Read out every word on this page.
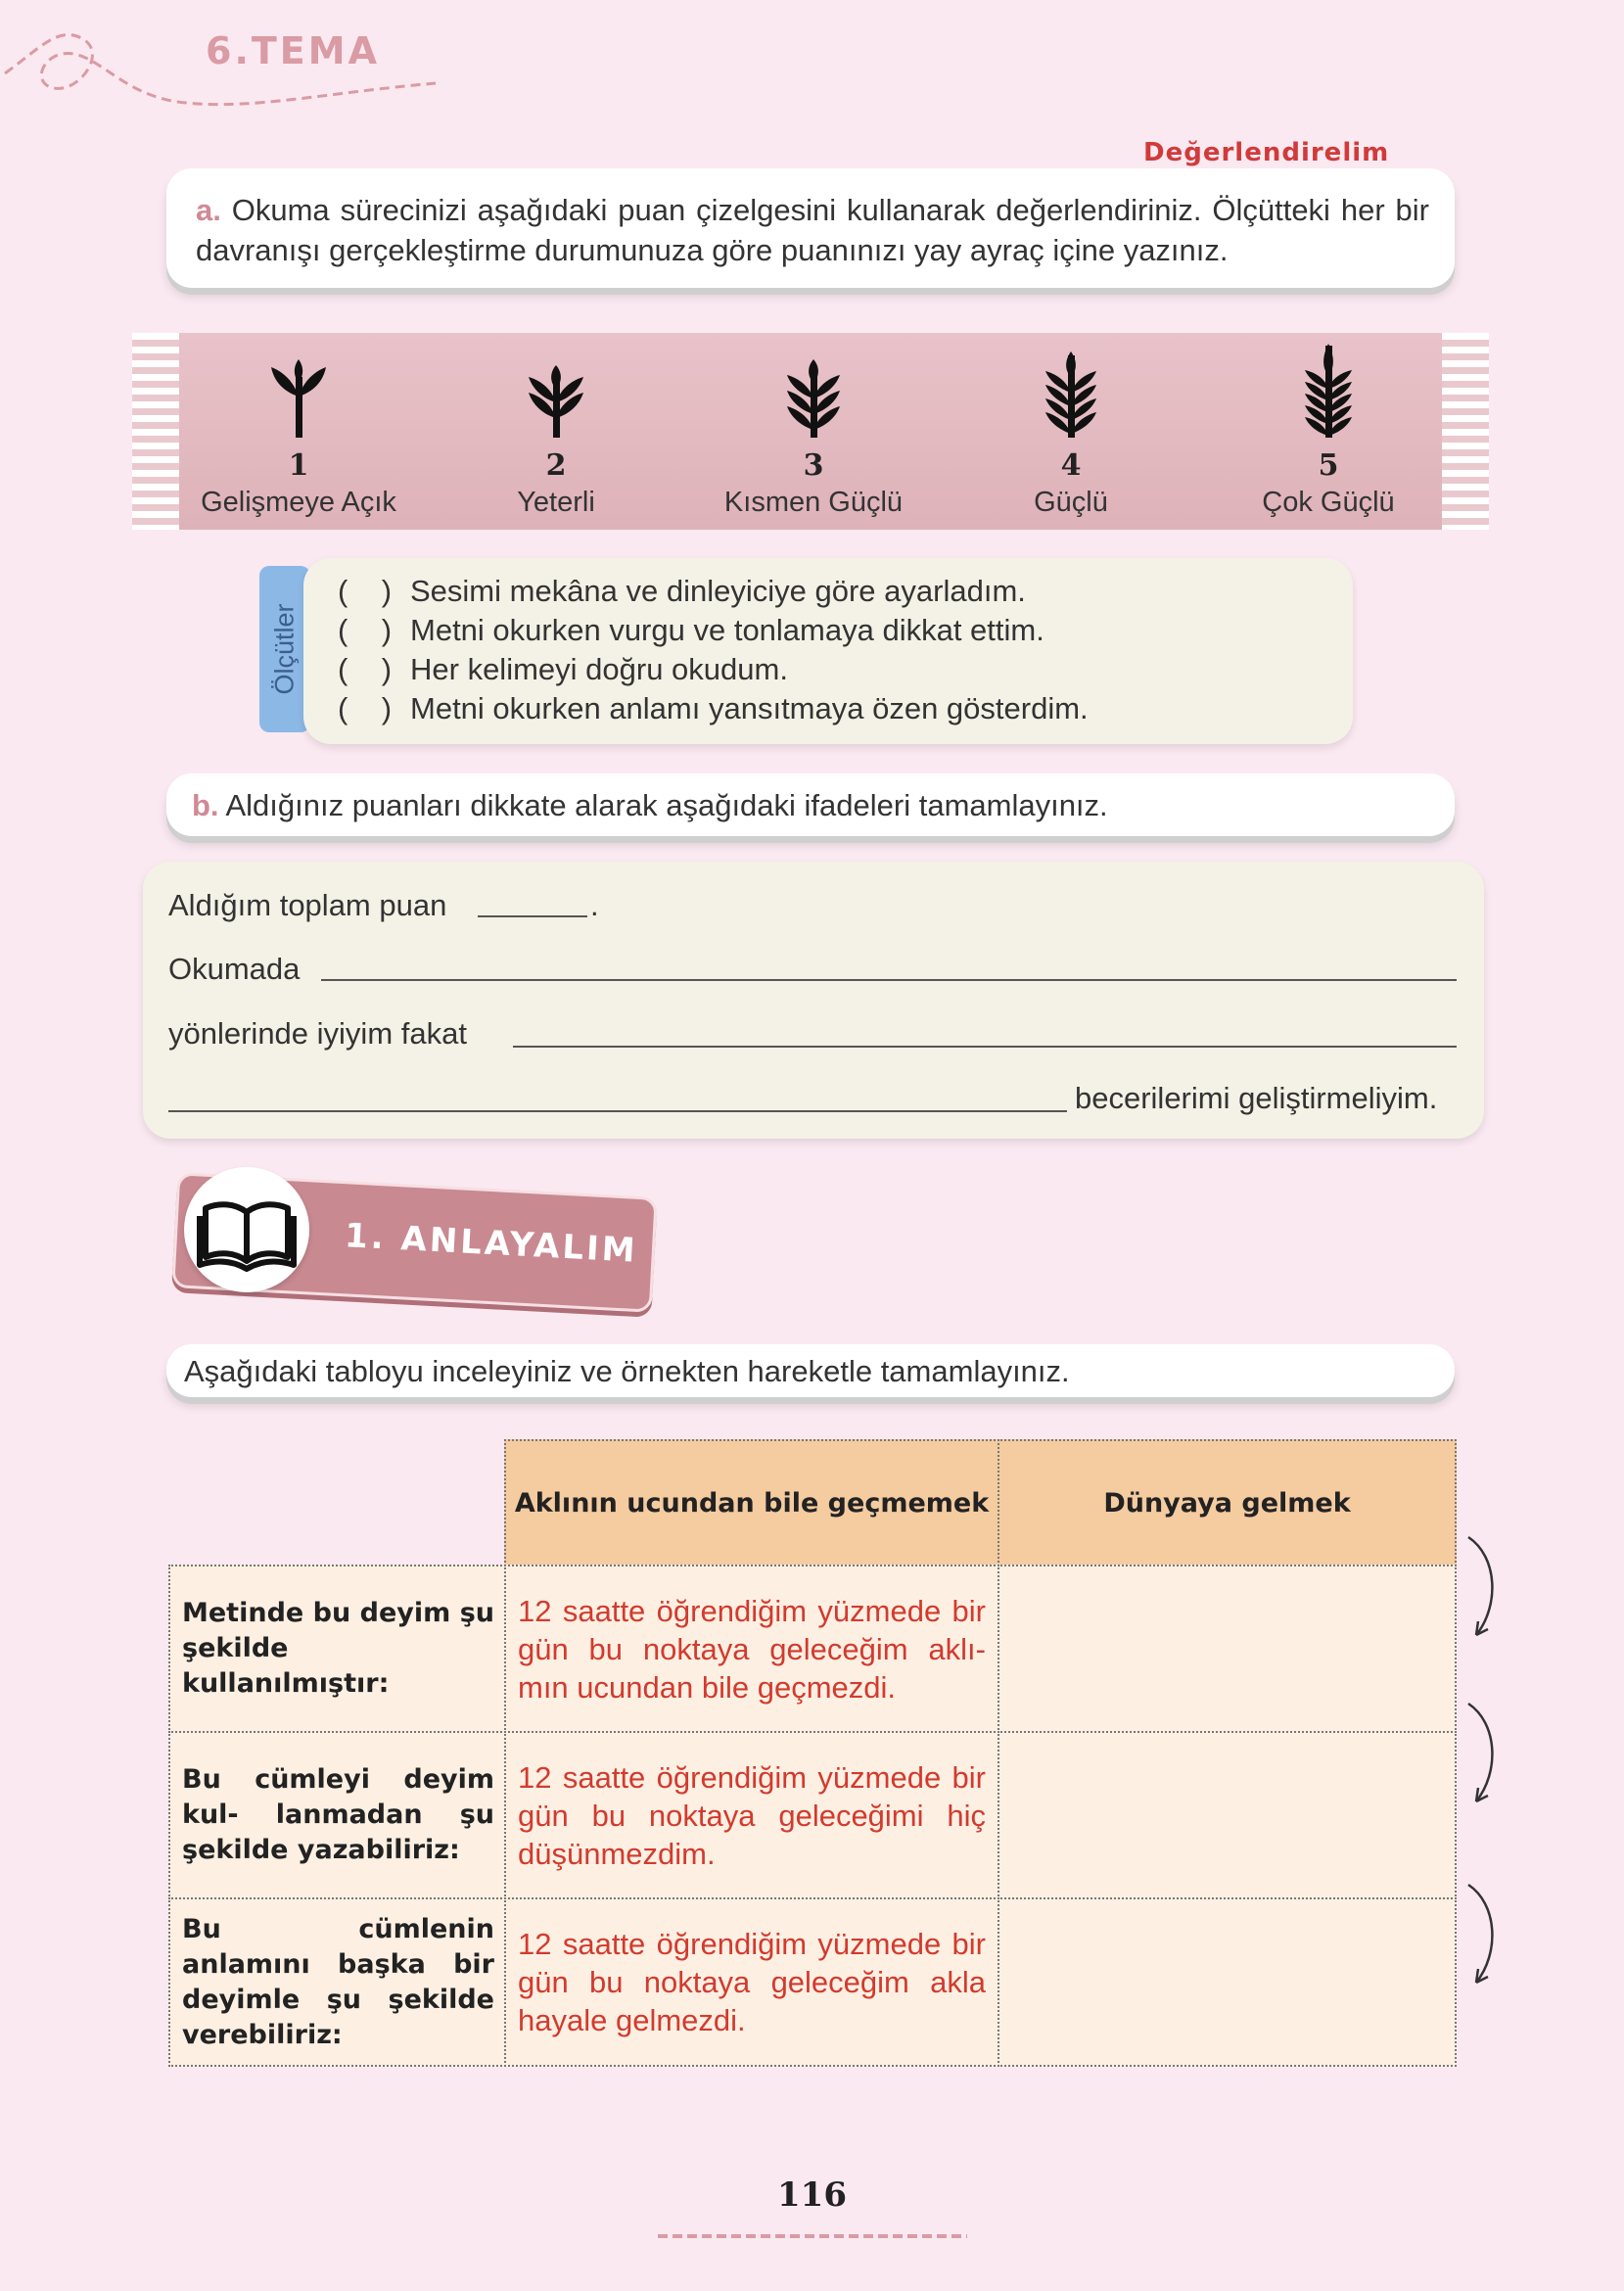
6.TEMA
Değerlendirelim
a. Okuma sürecinizi aşağıdaki puan çizelgesini kullanarak değerlendiriniz. Ölçütteki her bir davranışı gerçekleştirme durumunuza göre puanınızı yay ayraç içine yazınız.
1
Gelişmeye Açık
2
Yeterli
3
Kısmen Güçlü
4
Güçlü
5
Çok Güçlü
Ölçütler
(    ) Sesimi mekâna ve dinleyiciye göre ayarladım.
(    ) Metni okurken vurgu ve tonlamaya dikkat ettim.
(    ) Her kelimeyi doğru okudum.
(    ) Metni okurken anlamı yansıtmaya özen gösterdim.
b. Aldığınız puanları dikkate alarak aşağıdaki ifadeleri tamamlayınız.
Aldığım toplam puan	.
Okumada
yönlerinde iyiyim fakat
becerilerimi geliştirmeliyim.
1. ANLAYALIM
Aşağıdaki tabloyu inceleyiniz ve örnekten hareketle tamamlayınız.
Aklının ucundan bile geçmemek	Dünyaya gelmek
Metinde bu deyim şu şekilde kullanılmıştır:
12 saatte öğrendiğim yüzmede bir gün bu noktaya geleceğim aklı- mın ucundan bile geçmezdi.
Bu cümleyi deyim kul- lanmadan şu şekilde yazabiliriz:
12 saatte öğrendiğim yüzmede bir gün bu noktaya geleceğimi hiç düşünmezdim.
Bu cümlenin anlamını başka bir deyimle şu şekilde verebiliriz:
12 saatte öğrendiğim yüzmede bir gün bu noktaya geleceğim akla hayale gelmezdi.
116
